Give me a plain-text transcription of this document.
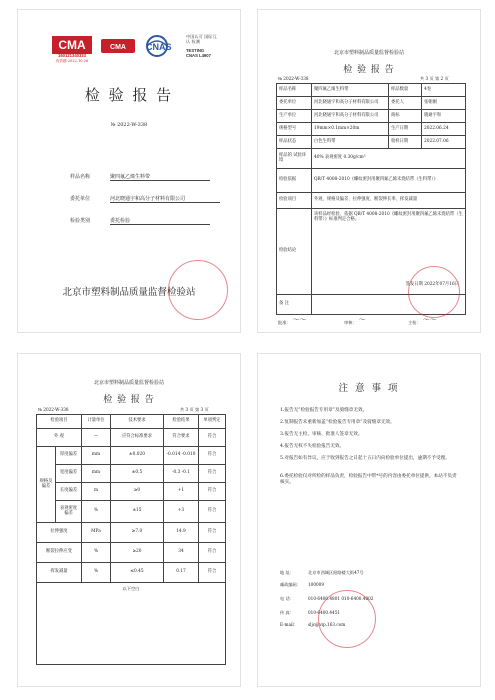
CMA
160121340333
有效期 2022.10.26
CMA CNAS
中国认可 国际互认 检测
TESTING
CNAS L4907
检 验 报 告
№ 2022-W-338
样品名称	聚四氟乙烯生料带
委托单位	河北晓通宇和高分子材料有限公司
检验类别	委托检验
北京市塑料制品质量监督检验站
北京市塑料制品质量监督检验站
检 验 报 告
№ 2022-W-338	共 3 页 第 2 页
样品名称	聚四氟乙烯生料带	样品数量	4卷
委托单位	河北晓通宇和高分子材料有限公司	委托人	张朝刚
生产单位	河北晓通宇和高分子材料有限公司	商标	晓通宇和
规格型号	19mm×0.1mm×20m	生产日期	2022.06.24
样品状态	白色生料带	收样日期	2022.07.06
样品的 试验环境	40% 表观密度 0.30g/cm³		
检验依据	QB/T 4008-2010《螺纹密封用聚四氟乙烯未烧结带（生料带）》		
检验项目	外观、规格及偏差、拉伸强度、断裂伸长率、挥发减量		
检验结论	该样品经检验，依据 QB/T 4008-2010《螺纹密封用聚四氟乙烯未烧结带（生料带）》标准判定合格。
签发日期 2022年07月16日		

备 注			
批准： ～～	审核： ～	主检： ～～
北京市塑料制品质量监督检验站
检 验 报 告
№ 2022-W-338	共 3 页 第 3 页
检验项目		计量单位	技术要求	检验结果	单项判定
外 观		—	应符合标准要求	符合要求	符合
规格及偏差	厚度偏差	mm	±0.020	-0.014 -0.010	符合
	宽度偏差	mm	±0.5	-0.3 -0.1	符合
	长度偏差	m	≥0	+1	符合
	表观密度偏差	%	±15	+3	符合
拉伸强度		MPa	≥7.0	14.9	符合
断裂拉伸应变		%	≥20	34	符合
挥发减量		%	≤0.45	0.17	符合

以下空白					
注 意 事 项
1.报告无“检验报告专用章”及骑缝章无效。
2.复制报告未重新加盖“检验报告专用章”及骑缝章无效。
3.报告无主检、审核、批准人签章无效。
4.报告无权不失检验报告无效。
5.对报告如有异议，应于收到报告之日起十五日内向检验单位提出，逾期不予受理。
6.委托检验仅对所检的样品负责，检验报告中带*号的内容由委托单位提供，本站不负责核实。
地 址：	北京市西城区阳路楼大街47号
邮政编码： 100009
电 话：	010-6400.4801 010-6400.4802
传 真：	010-6400.4451
E-mail： sljc@vip.163.com
